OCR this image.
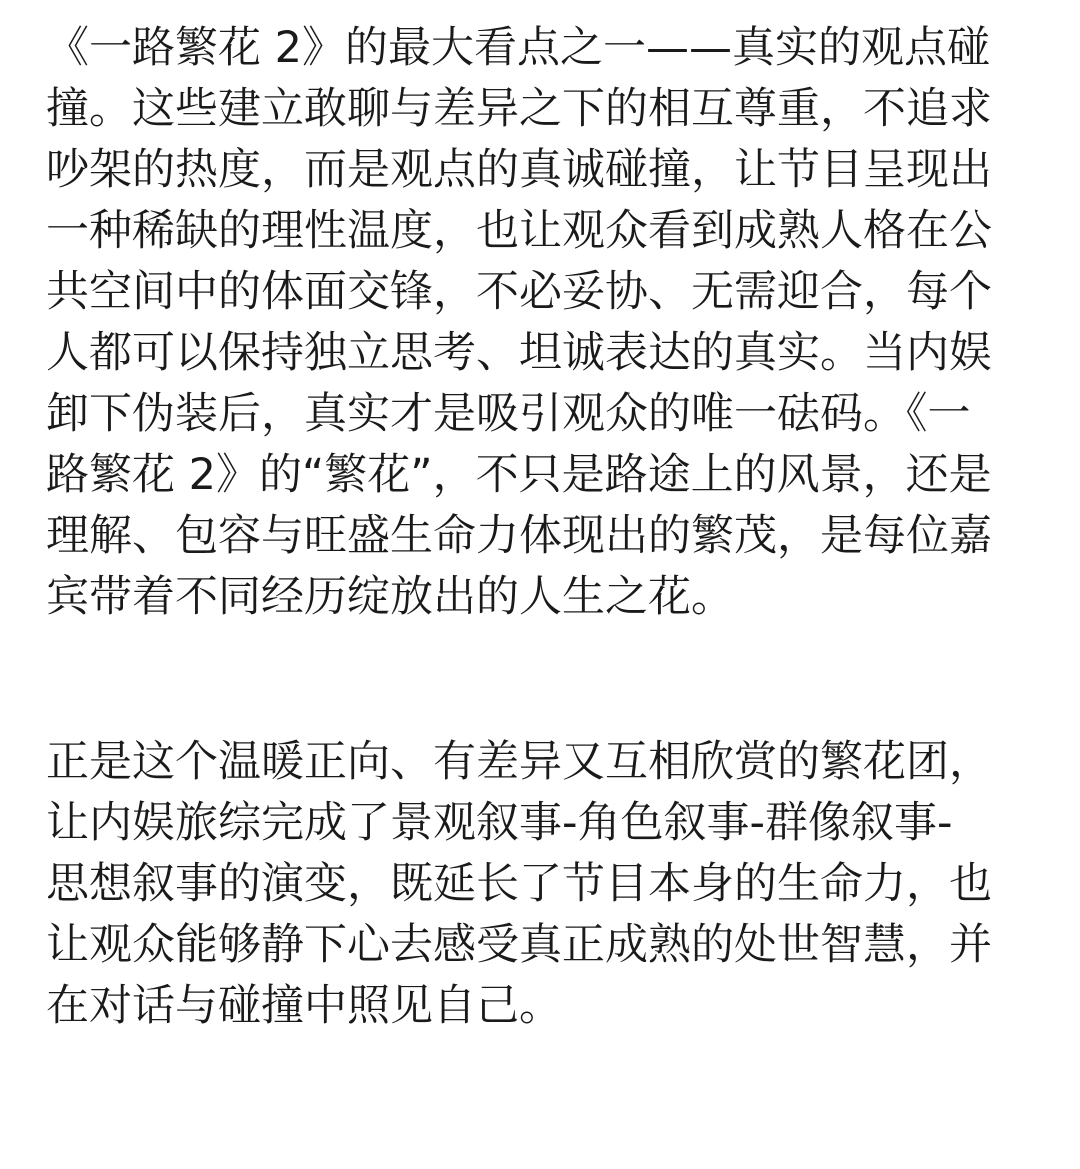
《一路繁花 2》的最大看点之一——真实的观点碰
撞。这些建立敢聊与差异之下的相互尊重，不追求
吵架的热度，而是观点的真诚碰撞，让节目呈现出
一种稀缺的理性温度，也让观众看到成熟人格在公
共空间中的体面交锋，不必妥协、无需迎合，每个
人都可以保持独立思考、坦诚表达的真实。当内娱
卸下伪装后，真实才是吸引观众的唯一砝码。《一
路繁花 2》的“繁花”，不只是路途上的风景，还是
理解、包容与旺盛生命力体现出的繁茂，是每位嘉
宾带着不同经历绽放出的人生之花。
正是这个温暖正向、有差异又互相欣赏的繁花团，
让内娱旅综完成了景观叙事-角色叙事-群像叙事-
思想叙事的演变，既延长了节目本身的生命力，也
让观众能够静下心去感受真正成熟的处世智慧，并
在对话与碰撞中照见自己。
